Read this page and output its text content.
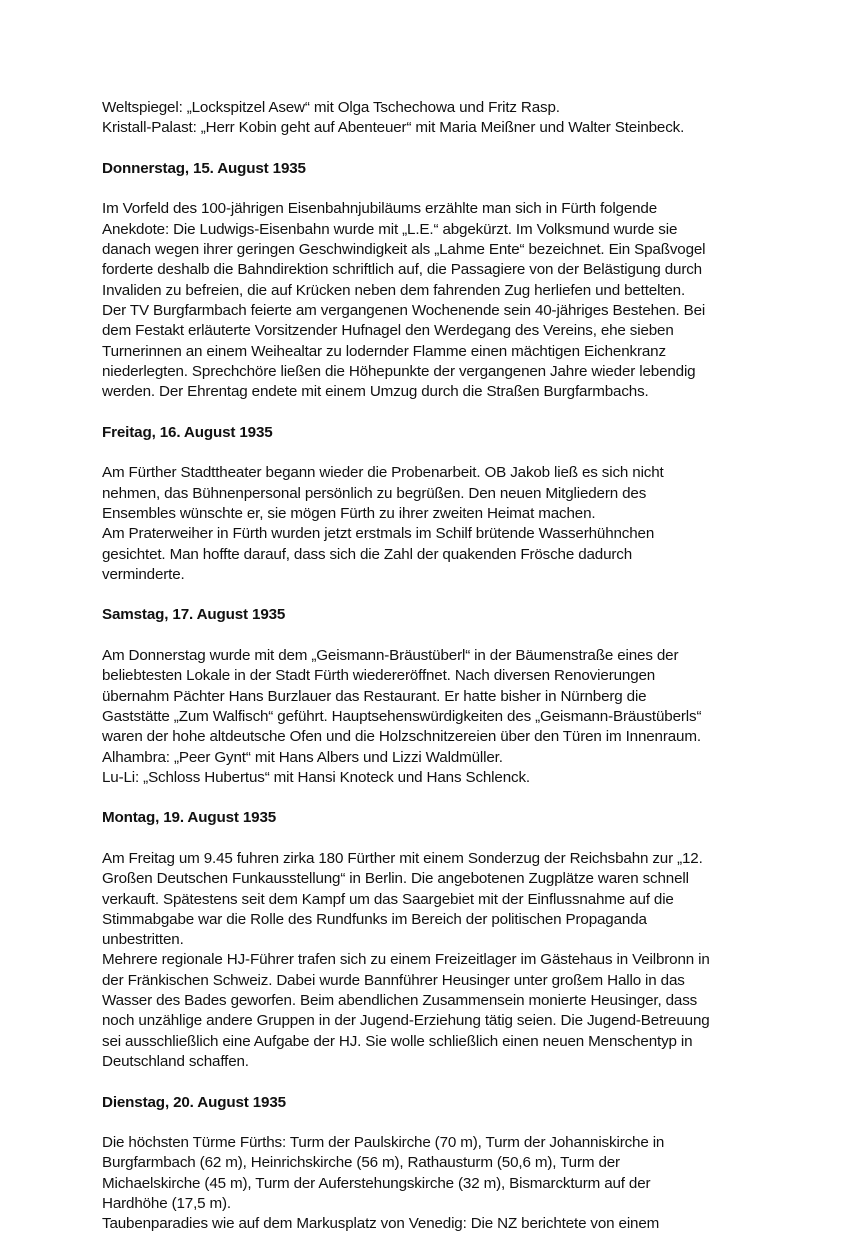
Weltspiegel: „Lockspitzel Asew“ mit Olga Tschechowa und Fritz Rasp.
Kristall-Palast: „Herr Kobin geht auf Abenteuer“ mit Maria Meißner und Walter Steinbeck.
Donnerstag, 15. August 1935
Im Vorfeld des 100-jährigen Eisenbahnjubiläums erzählte man sich in Fürth folgende
Anekdote: Die Ludwigs-Eisenbahn wurde mit „L.E.“ abgekürzt. Im Volksmund wurde sie
danach wegen ihrer geringen Geschwindigkeit als „Lahme Ente“ bezeichnet. Ein Spaßvogel
forderte deshalb die Bahndirektion schriftlich auf, die Passagiere von der Belästigung durch
Invaliden zu befreien, die auf Krücken neben dem fahrenden Zug herliefen und bettelten.
Der TV Burgfarmbach feierte am vergangenen Wochenende sein 40-jähriges Bestehen. Bei
dem Festakt erläuterte Vorsitzender Hufnagel den Werdegang des Vereins, ehe sieben
Turnerinnen an einem Weihealtar zu lodernder Flamme einen mächtigen Eichenkranz
niederlegten. Sprechchöre ließen die Höhepunkte der vergangenen Jahre wieder lebendig
werden. Der Ehrentag endete mit einem Umzug durch die Straßen Burgfarmbachs.
Freitag, 16. August 1935
Am Fürther Stadttheater begann wieder die Probenarbeit. OB Jakob ließ es sich nicht
nehmen, das Bühnenpersonal persönlich zu begrüßen. Den neuen Mitgliedern des
Ensembles wünschte er, sie mögen Fürth zu ihrer zweiten Heimat machen.
Am Praterweiher in Fürth wurden jetzt erstmals im Schilf brütende Wasserhühnchen
gesichtet. Man hoffte darauf, dass sich die Zahl der quakenden Frösche dadurch
verminderte.
Samstag, 17. August 1935
Am Donnerstag wurde mit dem „Geismann-Bräustüberl“ in der Bäumenstraße eines der
beliebtesten Lokale in der Stadt Fürth wiedereröffnet. Nach diversen Renovierungen
übernahm Pächter Hans Burzlauer das Restaurant. Er hatte bisher in Nürnberg die
Gaststätte „Zum Walfisch“ geführt. Hauptsehenswürdigkeiten des „Geismann-Bräustüberls“
waren der hohe altdeutsche Ofen und die Holzschnitzereien über den Türen im Innenraum.
Alhambra: „Peer Gynt“ mit Hans Albers und Lizzi Waldmüller.
Lu-Li: „Schloss Hubertus“ mit Hansi Knoteck und Hans Schlenck.
Montag, 19. August 1935
Am Freitag um 9.45 fuhren zirka 180 Fürther mit einem Sonderzug der Reichsbahn zur „12.
Großen Deutschen Funkausstellung“ in Berlin. Die angebotenen Zugplätze waren schnell
verkauft. Spätestens seit dem Kampf um das Saargebiet mit der Einflussnahme auf die
Stimmabgabe war die Rolle des Rundfunks im Bereich der politischen Propaganda
unbestritten.
Mehrere regionale HJ-Führer trafen sich zu einem Freizeitlager im Gästehaus in Veilbronn in
der Fränkischen Schweiz. Dabei wurde Bannführer Heusinger unter großem Hallo in das
Wasser des Bades geworfen. Beim abendlichen Zusammensein monierte Heusinger, dass
noch unzählige andere Gruppen in der Jugend-Erziehung tätig seien. Die Jugend-Betreuung
sei ausschließlich eine Aufgabe der HJ. Sie wolle schließlich einen neuen Menschentyp in
Deutschland schaffen.
Dienstag, 20. August 1935
Die höchsten Türme Fürths: Turm der Paulskirche (70 m), Turm der Johanniskirche in
Burgfarmbach (62 m), Heinrichskirche (56 m), Rathausturm (50,6 m), Turm der
Michaelskirche (45 m), Turm der Auferstehungskirche (32 m), Bismarckturm auf der
Hardhöhe (17,5 m).
Taubenparadies wie auf dem Markusplatz von Venedig: Die NZ berichtete von einem
